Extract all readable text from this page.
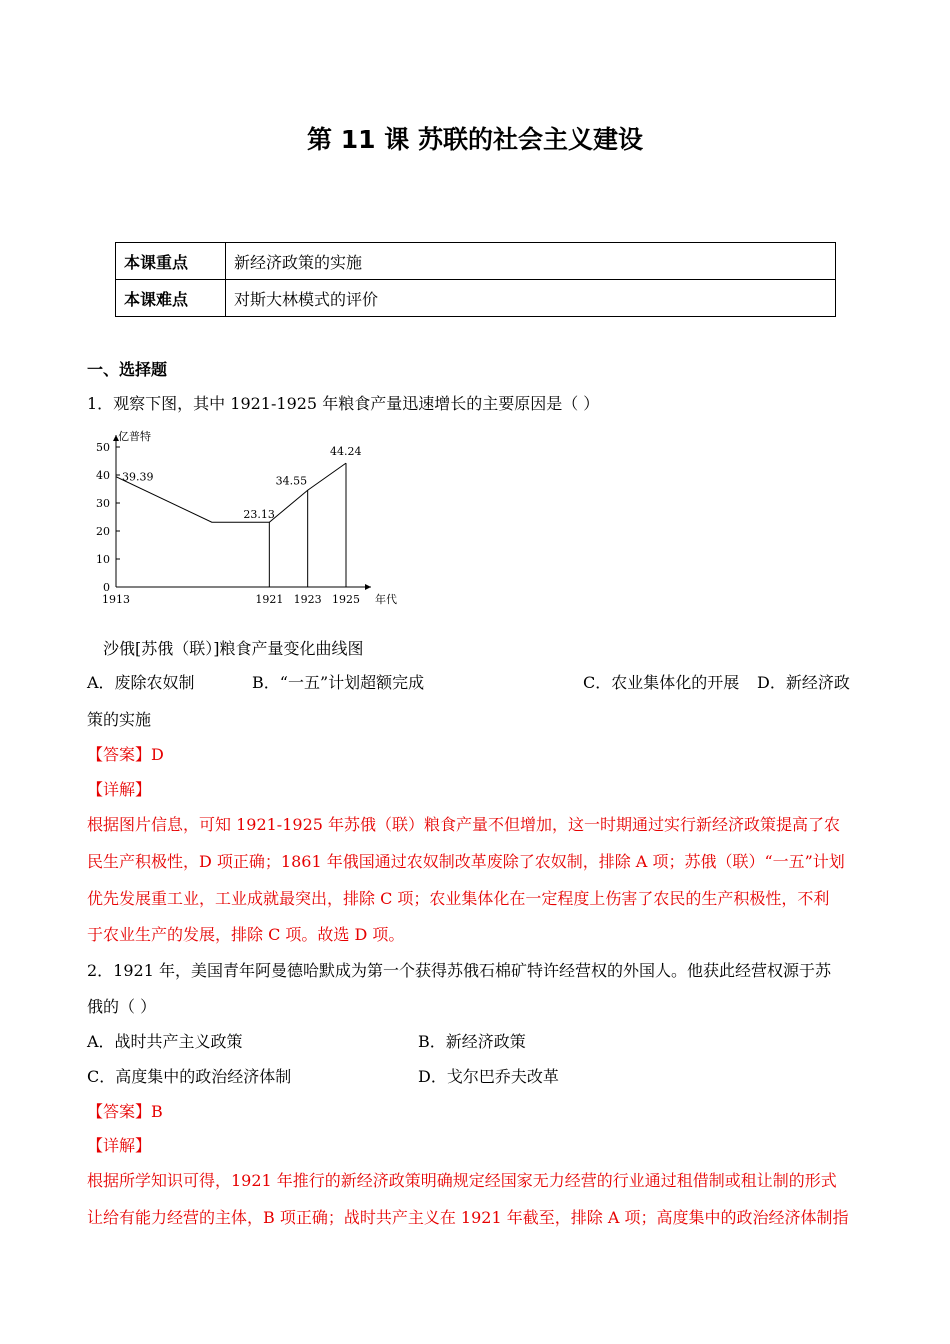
第 11 课 苏联的社会主义建设
本课重点	新经济政策的实施
本课难点	对斯大林模式的评价
一、选择题
1．观察下图，其中 1921-1925 年粮食产量迅速增长的主要原因是（ ）
0
10
20
30
40
50
1913	1921 1923 1925
39.39
23.13
34.55
44.24
亿普特
年代
沙俄[苏俄（联）]粮食产量变化曲线图
A．废除农奴制	B．“一五”计划超额完成	C．农业集体化的开展 D．新经济政
策的实施
【答案】D
【详解】
根据图片信息，可知 1921-1925 年苏俄（联）粮食产量不但增加，这一时期通过实行新经济政策提高了农
民生产积极性，D 项正确；1861 年俄国通过农奴制改革废除了农奴制，排除 A 项；苏俄（联）“一五”计划
优先发展重工业，工业成就最突出，排除 C 项；农业集体化在一定程度上伤害了农民的生产积极性，不利
于农业生产的发展，排除 C 项。故选 D 项。
2．1921 年，美国青年阿曼德哈默成为第一个获得苏俄石棉矿特许经营权的外国人。他获此经营权源于苏
俄的（ ）
A．战时共产主义政策	B．新经济政策
C．高度集中的政治经济体制	D．戈尔巴乔夫改革
【答案】B
【详解】
根据所学知识可得，1921 年推行的新经济政策明确规定经国家无力经营的行业通过租借制或租让制的形式
让给有能力经营的主体，B 项正确；战时共产主义在 1921 年截至，排除 A 项；高度集中的政治经济体制指
